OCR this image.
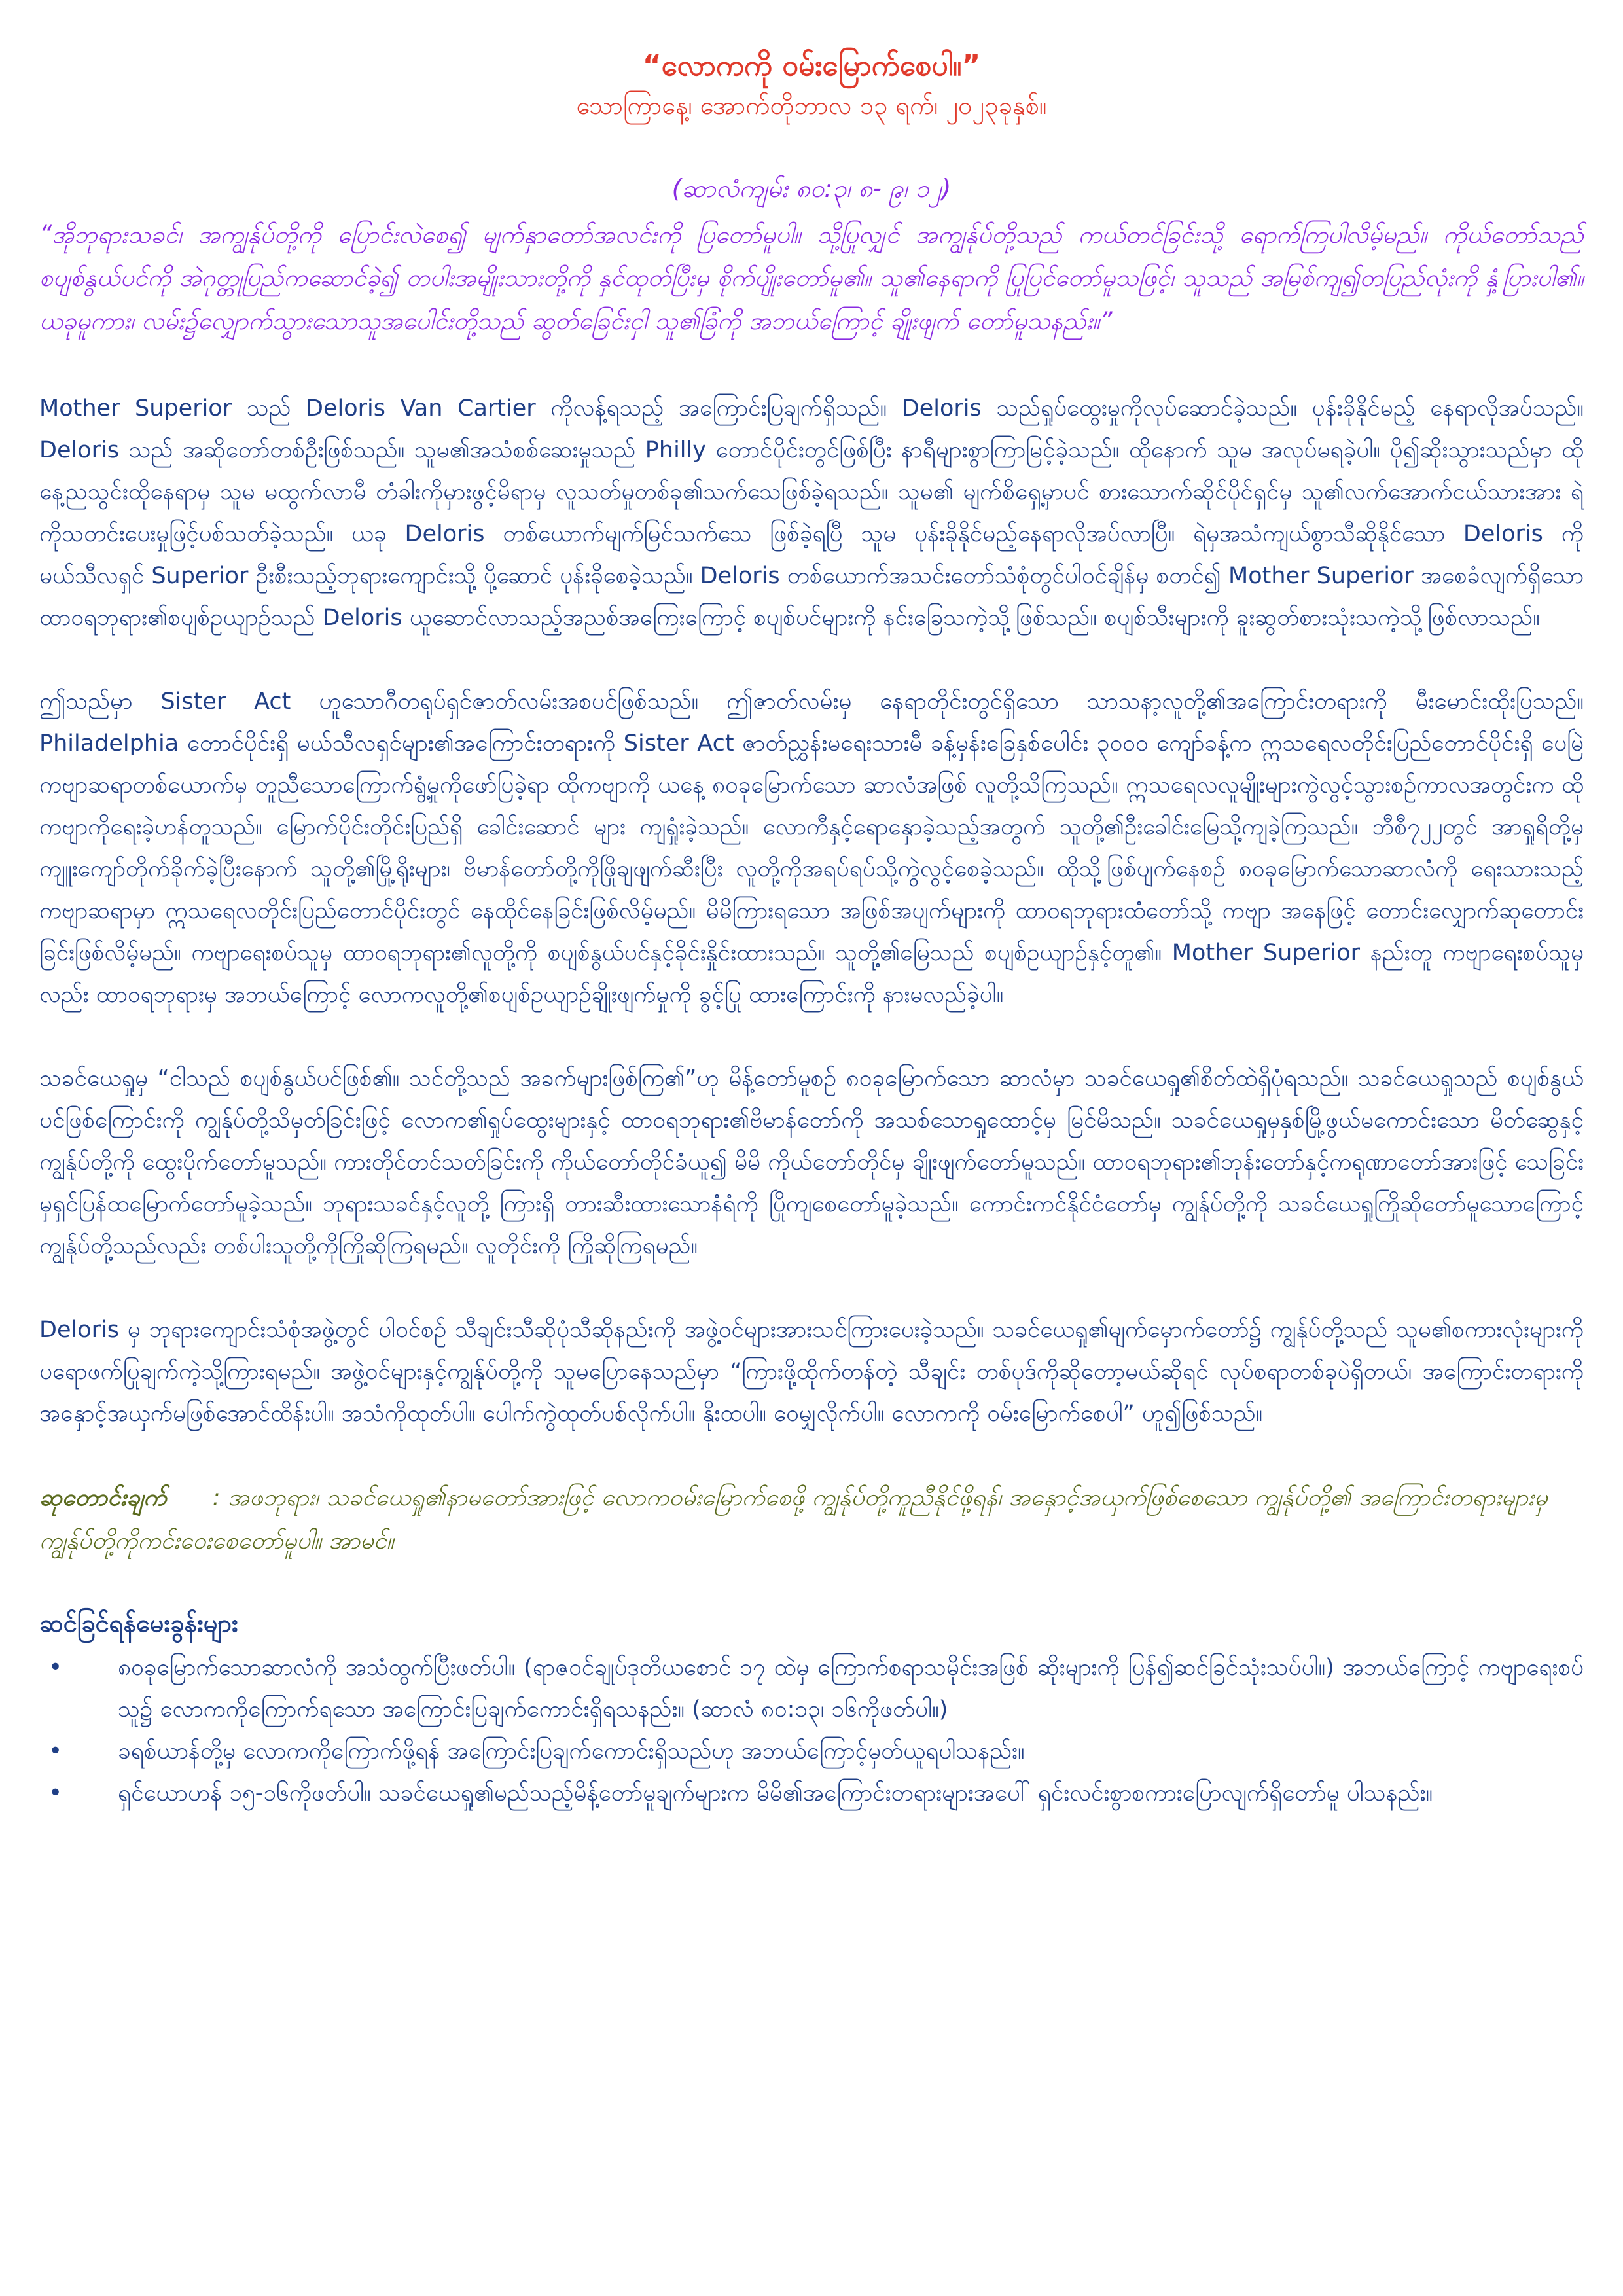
“လောကကို ဝမ်းမြောက်စေပါ။”

သောကြာနေ့၊ အောက်တိုဘာလ ၁၃ ရက်၊ ၂၀၂၃ခုနှစ်။

(ဆာလံကျမ်း ၈၀:၃၊ ၈- ၉၊ ၁၂)

“အိုဘုရားသခင်၊ အကျွန်ုပ်တို့ကို ပြောင်းလဲစေ၍ မျက်နှာတော်အလင်းကို ပြတော်မူပါ။ သို့ပြုလျှင် အကျွန်ုပ်တို့သည် ကယ်တင်ခြင်းသို့ ရောက်ကြပါလိမ့်မည်။ ကိုယ်တော်သည် စပျစ်နွယ်ပင်ကို အဲဂုတ္တုပြည်ကဆောင်ခဲ့၍ တပါးအမျိုးသားတို့ကို နှင်ထုတ်ပြီးမှ စိုက်ပျိုးတော်မူ၏။ သူ၏နေရာကို ပြုပြင်တော်မူသဖြင့်၊ သူသည် အမြစ်ကျ၍တပြည်လုံးကို နှံ့ပြားပါ၏။ ယခုမူကား၊ လမ်း၌လျှောက်သွားသောသူအပေါင်းတို့သည် ဆွတ်ခြေင်းငှါ သူ၏ခြံကို အဘယ်ကြောင့် ချိုးဖျက် တော်မူသနည်း။”

Mother Superior သည် Deloris Van Cartier ကိုလန့်ရသည့် အကြောင်းပြချက်ရှိသည်။ Deloris သည်ရှုပ်ထွေးမှုကိုလုပ်ဆောင်ခဲ့သည်။ ပုန်းခိုနိုင်မည့် နေရာလိုအပ်သည်။ Deloris သည် အဆိုတော်တစ်ဦးဖြစ်သည်။ သူမ၏အသံစစ်ဆေးမှုသည် Philly တောင်ပိုင်းတွင်ဖြစ်ပြီး နာရီများစွာကြာမြင့်ခဲ့သည်။ ထိုနောက် သူမ အလုပ်မရခဲ့ပါ။ ပို၍ဆိုးသွားသည်မှာ ထိုနေ့ညသွင်းထိုနေရာမှ သူမ မထွက်လာမီ တံခါးကိုမှားဖွင့်မိရာမှ လူသတ်မှုတစ်ခု၏သက်သေဖြစ်ခဲ့ရသည်။ သူမ၏ မျက်စိရှေ့မှာပင် စားသောက်ဆိုင်ပိုင်ရှင်မှ သူ၏လက်အောက်ငယ်သားအား ရဲကိုသတင်းပေးမှုဖြင့်ပစ်သတ်ခဲ့သည်။ ယခု Deloris တစ်ယောက်မျက်မြင်သက်သေ ဖြစ်ခဲ့ရပြီ သူမ ပုန်းခိုနိုင်မည့်နေရာလိုအပ်လာပြီ။ ရဲမှအသံကျယ်စွာသီဆိုနိုင်သော Deloris ကို မယ်သီလရှင် Superior ဦးစီးသည့်ဘုရားကျောင်းသို့ ပို့ဆောင် ပုန်းခိုစေခဲ့သည်။ Deloris တစ်ယောက်အသင်းတော်သံစုံတွင်ပါဝင်ချိန်မှ စတင်၍ Mother Superior အစေခံလျက်ရှိသော ထာဝရဘုရား၏စပျစ်ဥယျာဉ်သည် Deloris ယူဆောင်လာသည့်အညစ်အကြေးကြောင့် စပျစ်ပင်များကို နင်းခြေသကဲ့သို့ဖြစ်သည်။ စပျစ်သီးများကို ခူးဆွတ်စားသုံးသကဲ့သို့ဖြစ်လာသည်။

ဤသည်မှာ Sister Act ဟူသောဂီတရုပ်ရှင်ဇာတ်လမ်းအစပင်ဖြစ်သည်။ ဤဇာတ်လမ်းမှ နေရာတိုင်းတွင်ရှိသော သာသနာ့လူတို့၏အကြောင်းတရားကို မီးမောင်းထိုးပြသည်။ Philadelphia တောင်ပိုင်းရှိ မယ်သီလရှင်များ၏အကြောင်းတရားကို Sister Act ဇာတ်ညွှန်းမရေးသားမီ ခန့်မှန်းခြေနှစ်ပေါင်း ၃၀၀၀ ကျော်ခန့်က ဣသရေလတိုင်းပြည်တောင်ပိုင်းရှိ ပေမြဲကဗျာဆရာတစ်ယောက်မှ တူညီသောကြောက်ရွံ့မှုကိုဖော်ပြခဲ့ရာ ထိုကဗျာကို ယနေ့ ၈၀ခုမြောက်သော ဆာလံအဖြစ် လူတို့သိကြသည်။ ဣသရေလလူမျိုးများကွဲလွင့်သွားစဉ်ကာလအတွင်းက ထိုကဗျာကိုရေးခဲ့ဟန်တူသည်။ မြောက်ပိုင်းတိုင်းပြည်ရှိ ခေါင်းဆောင် များ ကျရှုံးခဲ့သည်။ လောကီနှင့်ရောနှောခဲ့သည့်အတွက် သူတို့၏ဦးခေါင်းမြေသို့ကျခဲ့ကြသည်။ ဘီစီ၇၂၂တွင် အာရှုရိတို့မှ ကျူးကျော်တိုက်ခိုက်ခဲ့ပြီးနောက် သူတို့၏မြို့ရိုးများ၊ ဗိမာန်တော်တို့ကိုဖြိုချဖျက်ဆီးပြီး လူတို့ကိုအရပ်ရပ်သို့ကွဲလွင့်စေခဲ့သည်။ ထိုသို့ဖြစ်ပျက်နေစဉ် ၈၀ခုမြောက်သောဆာလံကို ရေးသားသည့် ကဗျာဆရာမှာ ဣသရေလတိုင်းပြည်တောင်ပိုင်းတွင် နေထိုင်နေခြင်းဖြစ်လိမ့်မည်။ မိမိကြားရသော အဖြစ်အပျက်များကို ထာဝရဘုရားထံတော်သို့ ကဗျာ အနေဖြင့် တောင်းလျှောက်ဆုတောင်းခြင်းဖြစ်လိမ့်မည်။ ကဗျာရေးစပ်သူမှ ထာဝရဘုရား၏လူတို့ကို စပျစ်နွယ်ပင်နှင့်ခိုင်းနှိုင်းထားသည်။ သူတို့၏မြေသည် စပျစ်ဥယျာဉ်နှင့်တူ၏။ Mother Superior နည်းတူ ကဗျာရေးစပ်သူမှလည်း ထာဝရဘုရားမှ အဘယ်ကြောင့် လောကလူတို့၏စပျစ်ဥယျာဉ်ချိုးဖျက်မှုကို ခွင့်ပြု ထားကြောင်းကို နားမလည်ခဲ့ပါ။

သခင်ယေရှုမှ “ငါသည် စပျစ်နွယ်ပင်ဖြစ်၏။ သင်တို့သည် အခက်များဖြစ်ကြ၏”ဟု မိန့်တော်မူစဉ် ၈၀ခုမြောက်သော ဆာလံမှာ သခင်ယေရှု၏စိတ်ထဲရှိပုံရသည်။ သခင်ယေရှုသည် စပျစ်နွယ်ပင်ဖြစ်ကြောင်းကို ကျွန်ုပ်တို့သိမှတ်ခြင်းဖြင့် လောက၏ရှုပ်ထွေးများနှင့် ထာဝရဘုရား၏ဗိမာန်တော်ကို အသစ်သောရှုထောင့်မှ မြင်မိသည်။ သခင်ယေရှုမှနှစ်မြို့ဖွယ်မကောင်းသော မိတ်ဆွေနှင့်ကျွန်ုပ်တို့ကို ထွေးပိုက်တော်မူသည်။ ကားတိုင်တင်သတ်ခြင်းကို ကိုယ်တော်တိုင်ခံယူ၍ မိမိ ကိုယ်တော်တိုင်မှ ချိုးဖျက်တော်မူသည်။ ထာဝရဘုရား၏ဘုန်းတော်နှင့်ကရုဏာတော်အားဖြင့် သေခြင်းမှရှင်ပြန်ထမြောက်တော်မူခဲ့သည်။ ဘုရားသခင်နှင့်လူတို့ ကြားရှိ တားဆီးထားသောနံရံကို ပြိုကျစေတော်မူခဲ့သည်။ ကောင်းကင်နိုင်ငံတော်မှ ကျွန်ုပ်တို့ကို သခင်ယေရှုကြိုဆိုတော်မူသောကြောင့် ကျွန်ုပ်တို့သည်လည်း တစ်ပါးသူတို့ကိုကြိုဆိုကြရမည်။ လူတိုင်းကို ကြိုဆိုကြရမည်။

Deloris မှ ဘုရားကျောင်းသံစုံအဖွဲ့တွင် ပါဝင်စဉ် သီချင်းသီဆိုပုံသီဆိုနည်းကို အဖွဲ့ဝင်များအားသင်ကြားပေးခဲ့သည်။ သခင်ယေရှု၏မျက်မှောက်တော်၌ ကျွန်ုပ်တို့သည် သူမ၏စကားလုံးများကို ပရောဖက်ပြုချက်ကဲ့သို့ကြားရမည်။ အဖွဲ့ဝင်များနှင့်ကျွန်ုပ်တို့ကို သူမပြောနေသည်မှာ “ကြားဖို့ထိုက်တန်တဲ့ သီချင်း တစ်ပုဒ်ကိုဆိုတော့မယ်ဆိုရင် လုပ်စရာတစ်ခုပဲရှိတယ်၊ အကြောင်းတရားကို အနှောင့်အယှက်မဖြစ်အောင်ထိန်းပါ။ အသံကိုထုတ်ပါ။ ပေါက်ကွဲထုတ်ပစ်လိုက်ပါ။ နိုးထပါ။ ဝေမျှလိုက်ပါ။ လောကကို ဝမ်းမြောက်စေပါ” ဟူ၍ဖြစ်သည်။

ဆုတောင်းချက် : အဖဘုရား၊ သခင်ယေရှု၏နာမတော်အားဖြင့် လောကဝမ်းမြောက်စေဖို့ ကျွန်ုပ်တို့ကူညီနိုင်ဖို့ရန်၊ အနှောင့်အယှက်ဖြစ်စေသော ကျွန်ုပ်တို့၏ အကြောင်းတရားများမှ ကျွန်ုပ်တို့ကိုကင်းဝေးစေတော်မူပါ။ အာမင်။

ဆင်ခြင်ရန်မေးခွန်းများ

• ၈၀ခုမြောက်သောဆာလံကို အသံထွက်ပြီးဖတ်ပါ။ (ရာဇဝင်ချုပ်ဒုတိယစောင် ၁၇ ထဲမှ ကြောက်စရာသမိုင်းအဖြစ် ဆိုးများကို ပြန်၍ဆင်ခြင်သုံးသပ်ပါ။) အဘယ်ကြောင့် ကဗျာရေးစပ်သူ၌ လောကကိုကြောက်ရသော အကြောင်းပြချက်ကောင်းရှိရသနည်း။ (ဆာလံ ၈၀:၁၃၊ ၁၆ကိုဖတ်ပါ။)
• ခရစ်ယာန်တို့မှ လောကကိုကြောက်ဖို့ရန် အကြောင်းပြချက်ကောင်းရှိသည်ဟု အဘယ်ကြောင့်မှတ်ယူရပါသနည်း။
• ရှင်ယောဟန် ၁၅-၁၆ကိုဖတ်ပါ။ သခင်ယေရှု၏မည်သည့်မိန့်တော်မူချက်များက မိမိ၏အကြောင်းတရားများအပေါ် ရှင်းလင်းစွာစကားပြောလျက်ရှိတော်မူ ပါသနည်း။
